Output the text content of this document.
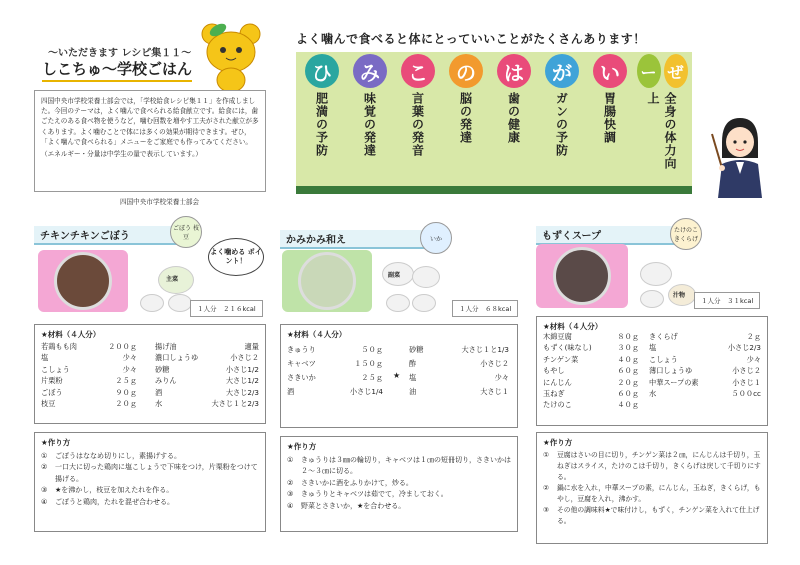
〜いただきます レシピ集１１〜
しこちゅ〜学校ごはん
四国中央市学校栄養士部会では，「学校給食レシピ集１１」を作成しました。今回のテーマは，よく噛んで食べられる給食献立です。給食には，歯ごたえのある食べ物を使うなど，噛む回数を増やす工夫がされた献立が多くあります。よく噛むことで体には多くの効果が期待できます。ぜひ，「よく噛んで食べられる」メニューをご家庭でも作ってみてください。
（エネルギー・分量は中学生の量で表示しています。）
四国中央市学校栄養士部会
よく噛んで食べると体にとっていいことがたくさんあります！
ひ
肥満の予防
み
味覚の発達
こ
言葉の発音
の
脳の発達
は
歯の健康
が
ガンの予防
い
胃腸快調
ー ぜ
全身の体力向上
チキンチキンごぼう
ごぼう 枝豆
よく噛める ポイント！
主菜
１人分　２１６kcal
★材料（４人分）
若鶏もも肉	２００ｇ
塩	少々
こしょう	少々
片栗粉	２５ｇ
ごぼう	９０ｇ
枝豆	２０ｇ
揚げ油	適量
濃口しょうゆ	小さじ２
砂糖	小さじ1/2
みりん	大さじ1/2
酒	大さじ2/3
水	大さじ１と2/3
★作り方
①	ごぼうはななめ切りにし，素揚げする。
②	一口大に切った鶏肉に塩こしょうで下味をつけ，片栗粉をつけて揚げる。
③	★を沸かし，枝豆を加えたれを作る。
④	ごぼうと鶏肉，たれを混ぜ合わせる。
かみかみ和え	いか
副菜
１人分　６８kcal
★材料（４人分）
きゅうり	５０ｇ
キャベツ	１５０ｇ
さきいか	２５ｇ
酒	小さじ1/4
★
砂糖	大さじ１と1/3
酢	小さじ２
塩	少々
油	大さじ１
★作り方
①	きゅうりは３㎜の輪切り，キャベツは１㎝の短冊切り，さきいかは２〜３㎝に切る。
②	さきいかに酒をふりかけて，炒る。
③	きゅうりとキャベツは茹でて，冷ましておく。
④	野菜とさきいか，★を合わせる。
もずくスープ
たけのこ きくらげ
汁物
１人分　３１kcal
★材料（４人分）
木綿豆腐	８０ｇ
もずく(味なし)	３０ｇ
チンゲン菜	４０ｇ
もやし	６０ｇ
にんじん	２０ｇ
玉ねぎ	６０ｇ
たけのこ	４０ｇ
きくらげ	２ｇ
塩	小さじ2/3
こしょう	少々
薄口しょうゆ	小さじ２
中華スープの素	小さじ１
水	５００cc
★作り方
①	豆腐はさいの目に切り，チンゲン菜は２㎝，にんじんは千切り，玉ねぎはスライス，たけのこは千切り，きくらげは戻して千切りにする。
②	鍋に水を入れ，中華スープの素，にんじん，玉ねぎ，きくらげ，もやし，豆腐を入れ，沸かす。
③	その他の調味料★で味付けし，もずく，チンゲン菜を入れて仕上げる。
